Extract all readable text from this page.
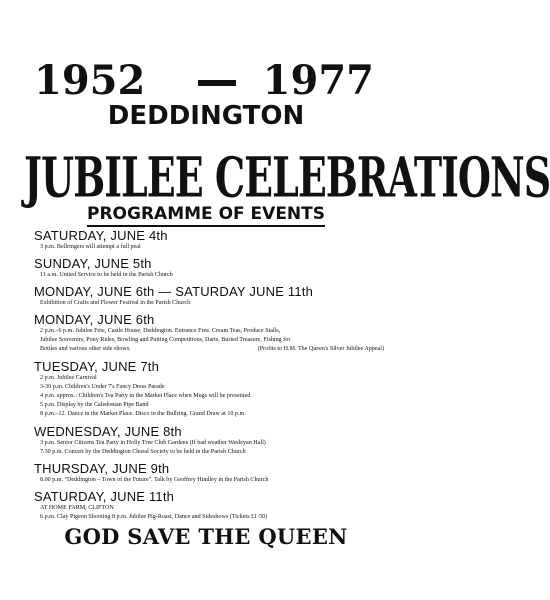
1952	1977
DEDDINGTON
JUBILEE CELEBRATIONS
PROGRAMME OF EVENTS
SATURDAY, JUNE 4th
3 p.m. Bellringers will attempt a full peal
SUNDAY, JUNE 5th
11 a.m. United Service to be held in the Parish Church
MONDAY, JUNE 6th — SATURDAY JUNE 11th
Exhibition of Crafts and Flower Festival in the Parish Church
MONDAY, JUNE 6th
2 p.m.–6 p.m. Jubilee Fete, Castle House, Deddington. Entrance Free. Cream Teas, Produce Stalls,
Jubilee Souvenirs, Pony Rides, Bowling and Putting Competitions, Darts, Buried Treasure, Fishing for
Bottles and various other side shows.	(Profits to H.M. The Queen's Silver Jubilee Appeal)
TUESDAY, JUNE 7th
2 p.m. Jubilee Carnival
3-30 p.m. Children's Under 7's Fancy Dress Parade
4 p.m. approx.: Children's Tea Party in the Market Place when Mugs will be presented
5 p.m. Display by the Caledonian Pipe Band
8 p.m.–12. Dance in the Market Place. Disco in the Bullring. Grand Draw at 10 p.m.
WEDNESDAY, JUNE 8th
3 p.m. Senior Citizens Tea Party in Holly Tree Club Gardens (If bad weather Wesleyan Hall)
7.30 p.m. Concert by the Deddington Choral Society to be held in the Parish Church
THURSDAY, JUNE 9th
8.00 p.m. "Deddington – Town of the Future". Talk by Geoffrey Hindley in the Parish Church
SATURDAY, JUNE 11th
AT HOME FARM, CLIFTON
6 p.m. Clay Pigeon Shooting 8 p.m. Jubilee Pig-Roast, Dance and Sideshows (Tickets £1·50)
GOD SAVE THE QUEEN
